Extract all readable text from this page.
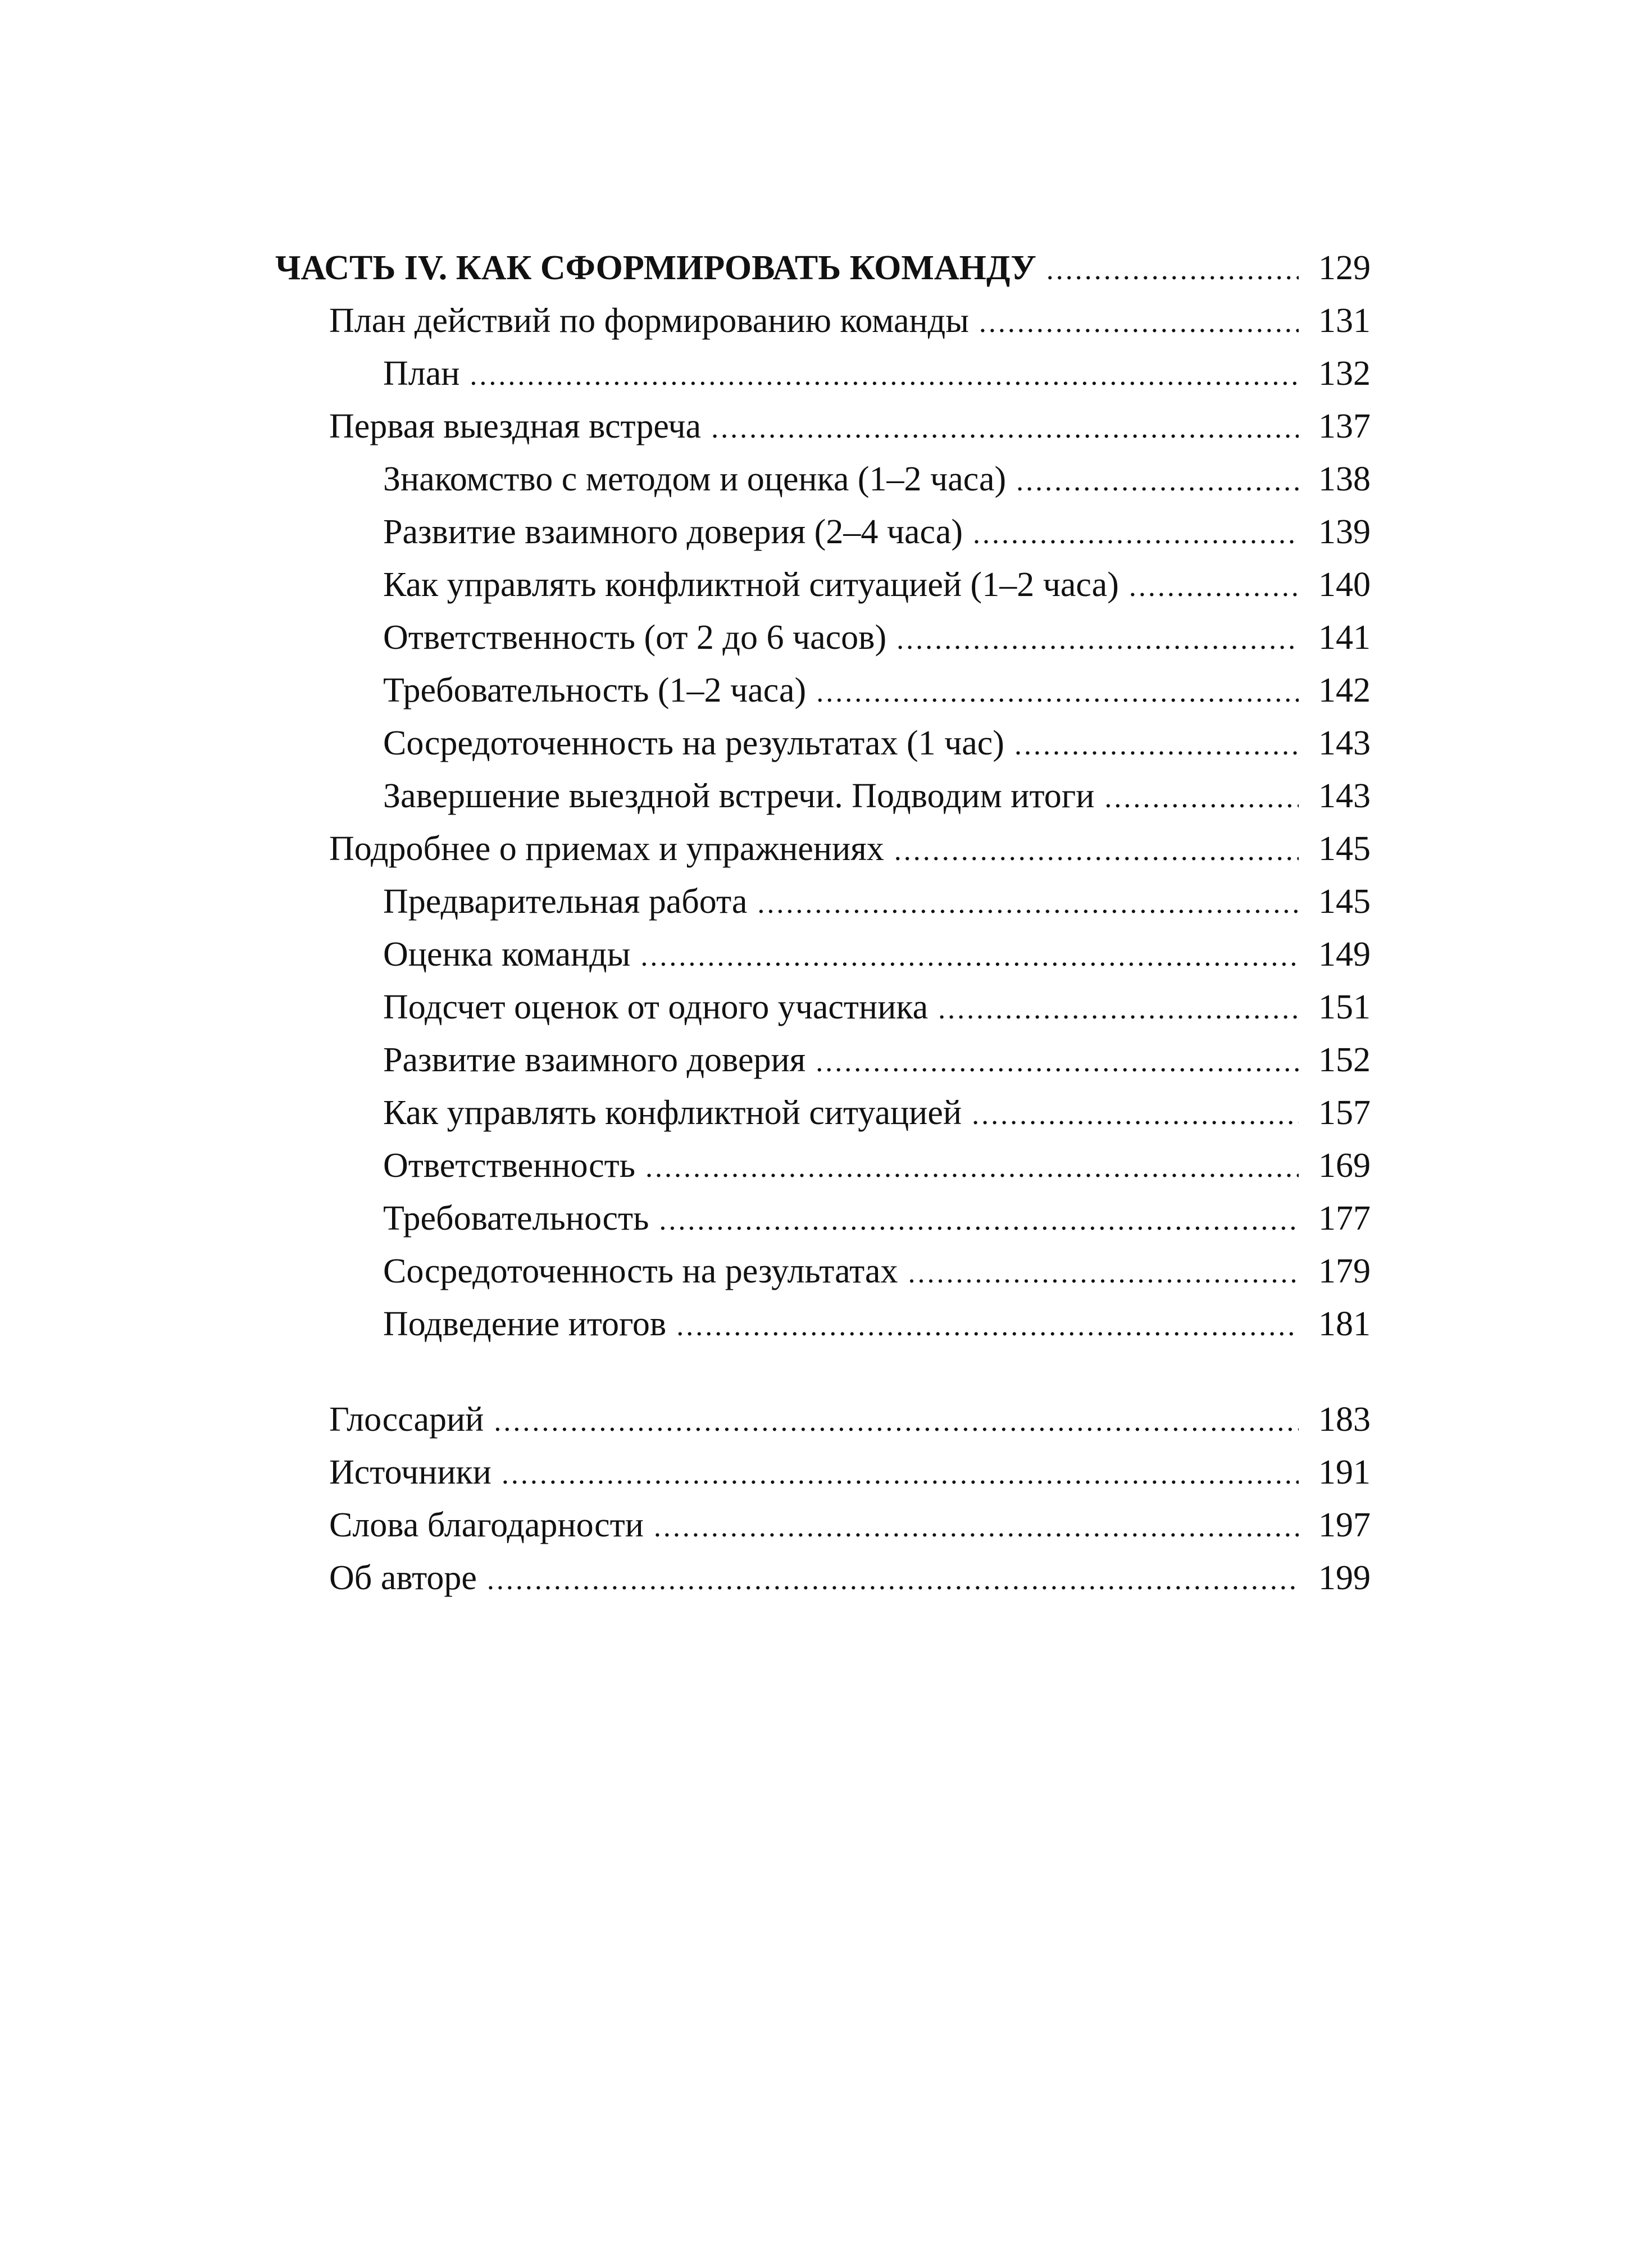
ЧАСТЬ IV. КАК СФОРМИРОВАТЬ КОМАНДУ .....	129
План действий по формированию команды .....	131
План .....	132
Первая выездная встреча .....	137
Знакомство с методом и оценка (1–2 часа) .....	138
Развитие взаимного доверия (2–4 часа) .....	139
Как управлять конфликтной ситуацией (1–2 часа) .....	140
Ответственность (от 2 до 6 часов) .....	141
Требовательность (1–2 часа) .....	142
Сосредоточенность на результатах (1 час) .....	143
Завершение выездной встречи. Подводим итоги .....	143
Подробнее о приемах и упражнениях .....	145
Предварительная работа .....	145
Оценка команды .....	149
Подсчет оценок от одного участника .....	151
Развитие взаимного доверия .....	152
Как управлять конфликтной ситуацией .....	157
Ответственность .....	169
Требовательность .....	177
Сосредоточенность на результатах .....	179
Подведение итогов .....	181
Глоссарий .....	183
Источники .....	191
Слова благодарности .....	197
Об авторе .....	199
